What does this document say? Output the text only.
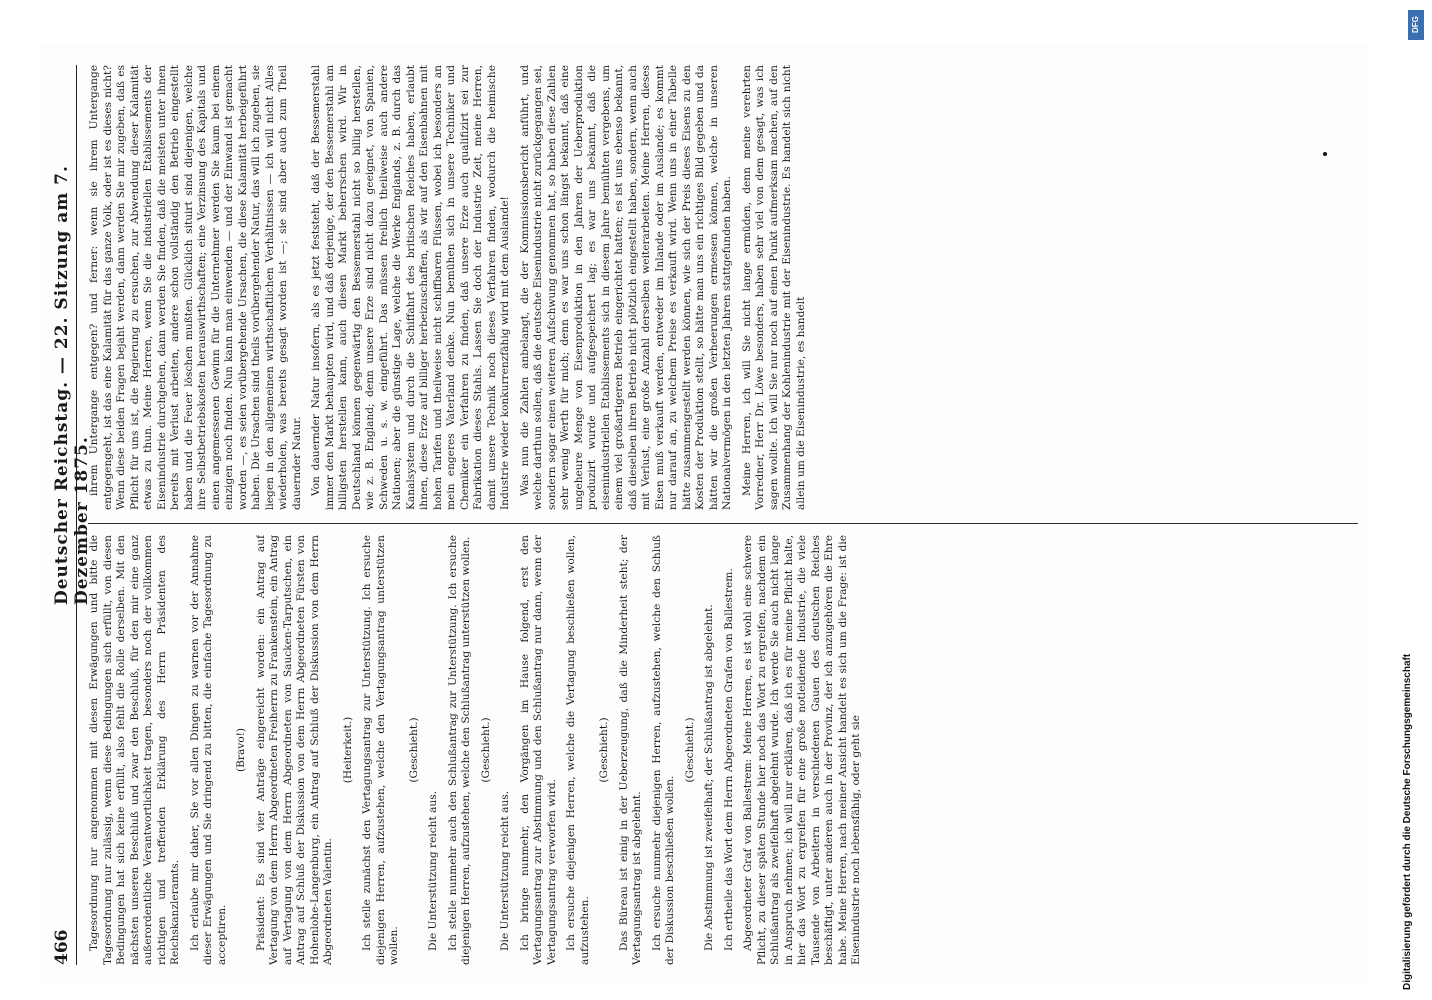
466
Deutscher Reichstag. — 22. Sitzung am 7. Dezember 1875.

Tagesordnung nur angenommen mit diesen Erwägungen und bitte die Tagesordnung nur zulässig, wenn diese Bedingungen sich erfüllt, von diesen Bedingungen hat sich keine erfüllt, also fehlt die Rolle derselben. Mit den nächsten unseren Beschluß und zwar den Beschluß, für den mir eine ganz außerordentliche Verantwortlichkeit tragen, besonders noch der vollkommen richtigen und treffenden Erklärung des Herrn Präsidenten des Reichskanzleramts. Ich erlaube mir daher, Sie vor allen Dingen zu warnen vor der Annahme dieser Erwägungen und Sie dringend zu bitten, die einfache Tagesordnung zu acceptiren.

(Bravo!) Präsident: Es sind vier Anträge eingereicht worden: ein Antrag auf Vertagung von dem Herrn Abgeordneten Freiherrn zu Frankenstein, ein Antrag auf Vertagung von dem Herrn Abgeordneten von Saucken-Tarputschen, ein Antrag auf Schluß der Diskussion von dem Herrn Abgeordneten Fürsten von Hohenlohe-Langenburg, ein Antrag auf Schluß der Diskussion von dem Herrn Abgeordneten Valentin.

(Heiterkeit.) Ich stelle zunächst den Vertagungsantrag zur Unterstützung. Ich ersuche diejenigen Herren, aufzustehen, welche den Vertagungsantrag unterstützen wollen.

(Geschieht.)

Die Unterstützung reicht aus. Ich stelle nunmehr auch den Schlußantrag zur Unterstützung. Ich ersuche diejenigen Herren, aufzustehen, welche den Schlußantrag unterstützen wollen. (Geschieht.)

Die Unterstützung reicht aus. Ich bringe nunmehr, den Vorgängen im Hause folgend, erst den Vertagungsantrag zur Abstimmung und den Schlußantrag nur dann, wenn der Vertagungsantrag verworfen wird. Ich ersuche diejenigen Herren, welche die Vertagung beschließen wollen, aufzustehen.

(Geschieht.) Das Büreau ist einig in der Ueberzeugung, daß die Minderheit steht; der Vertagungsantrag ist abgelehnt. Ich ersuche nunmehr diejenigen Herren, aufzustehen, welche den Schluß der Diskussion beschließen wollen.

(Geschieht.) Die Abstimmung ist zweifelhaft; der Schlußantrag ist abgelehnt. Ich ertheile das Wort dem Herrn Abgeordneten Grafen von Ballestrem. Abgeordneter Graf von Ballestrem: Meine Herren, es ist wohl eine schwere Pflicht, zu dieser späten Stunde hier noch das Wort zu ergreifen, nachdem ein Schlußantrag als zweifelhaft abgelehnt wurde. Ich werde Sie auch nicht lange in Anspruch nehmen; ich will nur erklären, daß ich es für meine Pflicht halte, hier das Wort zu ergreifen für eine große notleidende Industrie, die viele Tausende von Arbeitern in verschiedenen Gauen des deutschen Reiches beschäftigt, unter anderen auch in der Provinz, der ich anzugehören die Ehre habe. Meine Herren, nach meiner Ansicht handelt es sich um die Frage: ist die Eisenindustrie noch lebensfähig, oder geht sie

ihrem Untergange entgegen? und ferner: wenn sie ihrem Untergange entgegengeht, ist das eine Kalamität für das ganze Volk, oder ist es dieses nicht? Wenn diese beiden Fragen bejaht werden, dann werden Sie mir zugeben, daß es Pflicht für uns ist, die Regierung zu ersuchen, zur Abwendung dieser Kalamität etwas zu thun. Meine Herren, wenn Sie die industriellen Etablissements der Eisenindustrie durchgehen, dann werden Sie finden, daß die meisten unter ihnen bereits mit Verlust arbeiten, andere schon vollständig den Betrieb eingestellt haben und die Feuer löschen mußten. Glücklich situirt sind diejenigen, welche ihre Selbstbetriebskosten herauswirthschaften; eine Verzinsung des Kapitals und einen angemessenen Gewinn für die Unternehmer werden Sie kaum bei einem einzigen noch finden. Nun kann man einwenden — und der Einwand ist gemacht worden —, es seien vorübergehende Ursachen, die diese Kalamität herbeigeführt haben. Die Ursachen sind theils vorübergehender Natur, das will ich zugeben, sie liegen in den allgemeinen wirthschaftlichen Verhältnissen — ich will nicht Alles wiederholen, was bereits gesagt worden ist —; sie sind aber auch zum Theil dauernder Natur. Von dauernder Natur insofern, als es jetzt feststeht, daß der Bessemerstahl immer den Markt behaupten wird, und daß derjenige, der den Bessemerstahl am billigsten herstellen kann, auch diesen Markt beherrschen wird. Wir in Deutschland können gegenwärtig den Bessemerstahl nicht so billig herstellen, wie z. B. England; denn unsere Erze sind nicht dazu geeignet, von Spanien, Schweden u. s. w. eingeführt. Das müssen freilich theilweise auch andere Nationen; aber die günstige Lage, welche die Werke Englands, z. B. durch das Kanalsystem und durch die Schiffahrt des britischen Reiches haben, erlaubt ihnen, diese Erze auf billiger herbeizuschaffen, als wir auf den Eisenbahnen mit hohen Tarifen und theilweise nicht schiffbaren Flüssen, wobei ich besonders an mein engeres Vaterland denke. Nun bemühen sich in unsere Techniker und Chemiker ein Verfahren zu finden, daß unsere Erze auch qualifizirt sei zur Fabrikation dieses Stahls. Lassen Sie doch der Industrie Zeit, meine Herren, damit unsere Technik noch dieses Verfahren finden, wodurch die heimische Industrie wieder konkurrenzfähig wird mit dem Auslande! Was nun die Zahlen anbelangt, die der Kommissionsbericht anführt, und welche darthun sollen, daß die deutsche Eisenindustrie nicht zurückgegangen sei, sondern sogar einen weiteren Aufschwung genommen hat, so haben diese Zahlen sehr wenig Werth für mich; denn es war uns schon längst bekannt, daß eine ungeheure Menge von Eisenproduktion in den Jahren der Ueberproduktion produzirt wurde und aufgespeichert lag; es war uns bekannt, daß die eisenindustriellen Etablissements sich in diesem Jahre bemühten vergebens, um einem viel großartigeren Betrieb eingerichtet hatten; es ist uns ebenso bekannt, daß dieselben ihren Betrieb nicht plötzlich eingestellt haben, sondern, wenn auch mit Verlust, eine große Anzahl derselben weiterarbeiten. Meine Herren, dieses Eisen muß verkauft werden, entweder im Inlande oder im Auslande; es kommt nur darauf an, zu welchem Preise es verkauft wird. Wenn uns in einer Tabelle hätte zusammengestellt werden können, wie sich der Preis dieses Eisens zu den Kosten der Produktion stellt, so hätte man uns ein richtiges Bild gegeben und da hätten wir die großen Verheerungen ermessen können, welche in unseren Nationalvermögen in den letzten Jahren stattgefunden haben. Meine Herren, ich will Sie nicht lange ermüden, denn meine verehrten Vorredner, Herr Dr. Löwe besonders, haben sehr viel von dem gesagt, was ich sagen wollte. Ich will Sie nur noch auf einen Punkt aufmerksam machen, auf den Zusammenhang der Kohlenindustrie mit der Eisenindustrie. Es handelt sich nicht allein um die Eisenindustrie, es handelt

Digitalisierung gefördert durch die Deutsche Forschungsgemeinschaft
DFG
